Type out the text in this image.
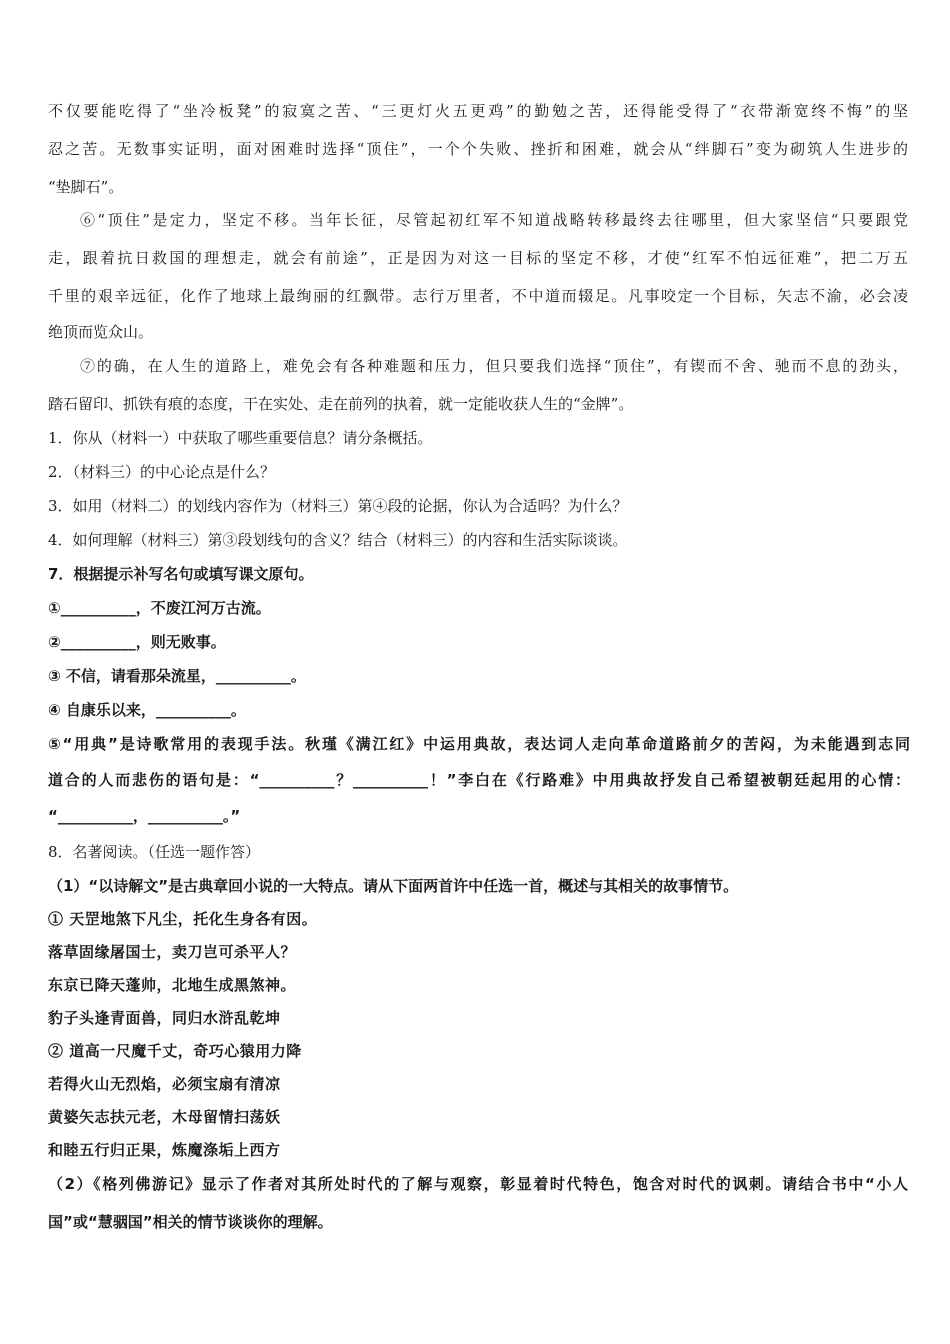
不仅要能吃得了“坐冷板凳”的寂寞之苦、“三更灯火五更鸡”的勤勉之苦，还得能受得了“衣带渐宽终不悔”的坚
忍之苦。无数事实证明，面对困难时选择“顶住”，一个个失败、挫折和困难，就会从“绊脚石”变为砌筑人生进步的
“垫脚石”。
⑥“顶住”是定力，坚定不移。当年长征，尽管起初红军不知道战略转移最终去往哪里，但大家坚信“只要跟党
走，跟着抗日救国的理想走，就会有前途”，正是因为对这一目标的坚定不移，才使“红军不怕远征难”，把二万五
千里的艰辛远征，化作了地球上最绚丽的红飘带。志行万里者，不中道而辍足。凡事咬定一个目标，矢志不渝，必会凌
绝顶而览众山。
⑦的确，在人生的道路上，难免会有各种难题和压力，但只要我们选择“顶住”，有锲而不舍、驰而不息的劲头，
踏石留印、抓铁有痕的态度，干在实处、走在前列的执着，就一定能收获人生的“金牌”。
1．你从（材料一）中获取了哪些重要信息？请分条概括。
2．（材料三）的中心论点是什么？
3．如用（材料二）的划线内容作为（材料三）第④段的论据，你认为合适吗？为什么？
4．如何理解（材料三）第③段划线句的含义？结合（材料三）的内容和生活实际谈谈。
7．根据提示补写名句或填写课文原句。
①__________，不废江河万古流。
②__________，则无败事。
③ 不信，请看那朵流星，__________。
④ 自康乐以来，__________。
⑤“用典”是诗歌常用的表现手法。秋瑾《满江红》中运用典故，表达词人走向革命道路前夕的苦闷，为未能遇到志同
道合的人而悲伤的语句是：“__________？__________！”李白在《行路难》中用典故抒发自己希望被朝廷起用的心情：
“__________，__________。”
8．名著阅读。（任选一题作答）
（1）“以诗解文”是古典章回小说的一大特点。请从下面两首许中任选一首，概述与其相关的故事情节。
① 天罡地煞下凡尘，托化生身各有因。
落草固缘屠国士，卖刀岂可杀平人？
东京已降天蓬帅，北地生成黑煞神。
豹子头逢青面兽，同归水浒乱乾坤
② 道高一尺魔千丈，奇巧心猿用力降
若得火山无烈焰，必须宝扇有清凉
黄婆矢志扶元老，木母留情扫荡妖
和睦五行归正果，炼魔涤垢上西方
（2）《格列佛游记》显示了作者对其所处时代的了解与观察，彰显着时代特色，饱含对时代的讽刺。请结合书中“小人
国”或“慧骃国”相关的情节谈谈你的理解。
